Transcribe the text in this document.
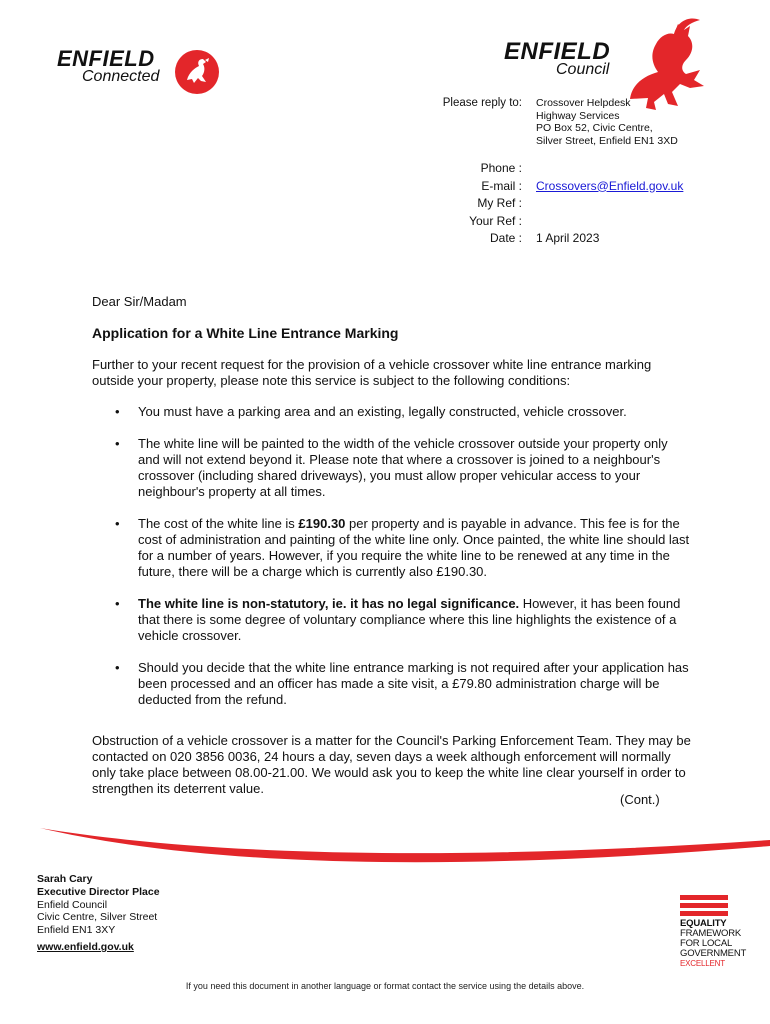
ENFIELD
Connected
ENFIELD
Council
Please reply to: Crossover Helpdesk
Highway Services
PO Box 52, Civic Centre,
Silver Street, Enfield EN1 3XD
Phone :
E-mail :
My Ref :
Your Ref :
Date :

Crossovers@Enfield.gov.uk

1 April 2023
Dear Sir/Madam
Application for a White Line Entrance Marking
Further to your recent request for the provision of a vehicle crossover white line entrance marking outside your property, please note this service is subject to the following conditions:
• You must have a parking area and an existing, legally constructed, vehicle crossover.
• The white line will be painted to the width of the vehicle crossover outside your property only and will not extend beyond it. Please note that where a crossover is joined to a neighbour's crossover (including shared driveways), you must allow proper vehicular access to your neighbour's property at all times.
• The cost of the white line is £190.30 per property and is payable in advance. This fee is for the cost of administration and painting of the white line only. Once painted, the white line should last for a number of years. However, if you require the white line to be renewed at any time in the future, there will be a charge which is currently also £190.30.
• The white line is non-statutory, ie. it has no legal significance. However, it has been found that there is some degree of voluntary compliance where this line highlights the existence of a vehicle crossover.
• Should you decide that the white line entrance marking is not required after your application has been processed and an officer has made a site visit, a £79.80 administration charge will be deducted from the refund.
Obstruction of a vehicle crossover is a matter for the Council's Parking Enforcement Team. They may be contacted on 020 3856 0036, 24 hours a day, seven days a week although enforcement will normally only take place between 08.00-21.00. We would ask you to keep the white line clear yourself in order to strengthen its deterrent value.
(Cont.)
Sarah Cary
Executive Director Place
Enfield Council
Civic Centre, Silver Street
Enfield EN1 3XY
www.enfield.gov.uk
EQUALITY
FRAMEWORK
FOR LOCAL
GOVERNMENT
EXCELLENT
If you need this document in another language or format contact the service using the details above.
